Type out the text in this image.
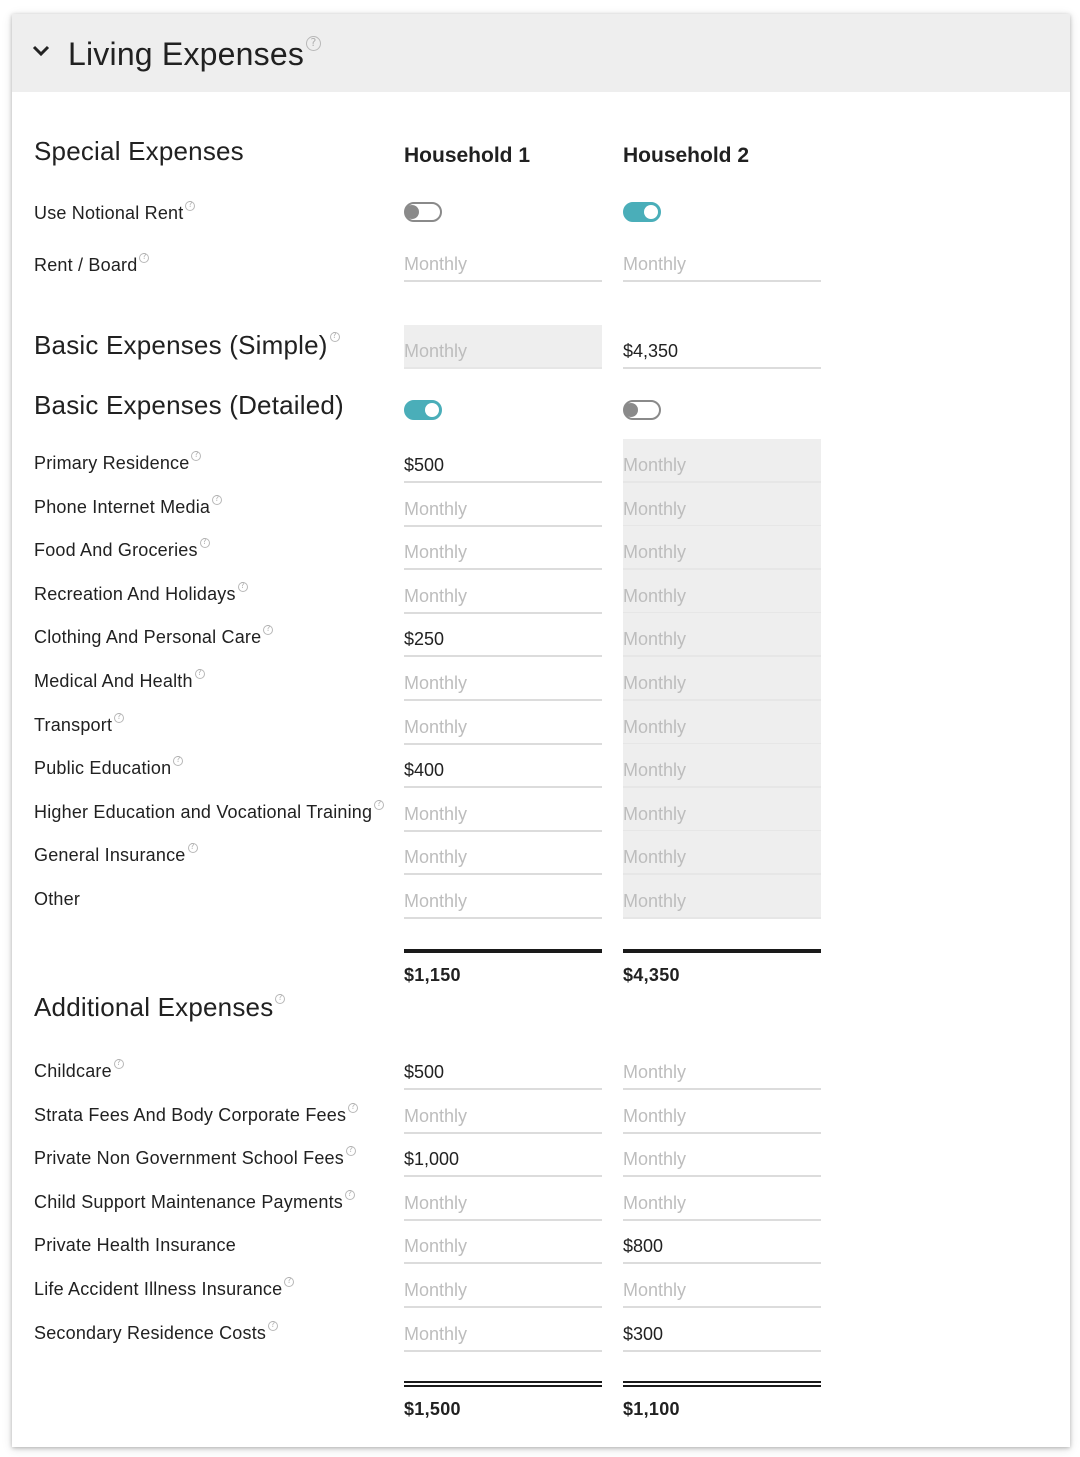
Living Expenses?
Special Expenses	Household 1	Household 2
Use Notional Rent?
Rent / Board ?	Monthly	Monthly
Basic Expenses (Simple)?	Monthly	$4,350
Basic Expenses (Detailed)
Primary Residence ?	$500	Monthly
Phone Internet Media ?	Monthly	Monthly
Food And Groceries ?	Monthly	Monthly
Recreation And Holidays ?	Monthly	Monthly
Clothing And Personal Care ?	$250	Monthly
Medical And Health ?	Monthly	Monthly
Transport ?	Monthly	Monthly
Public Education ?	$400	Monthly
Higher Education and Vocational Training ?	Monthly	Monthly
General Insurance ?	Monthly	Monthly
Other	Monthly	Monthly
$1,150	$4,350
Additional Expenses?
Childcare ?	$500	Monthly
Strata Fees And Body Corporate Fees ?	Monthly	Monthly
Private Non Government School Fees ?	$1,000	Monthly
Child Support Maintenance Payments ?	Monthly	Monthly
Private Health Insurance	Monthly	$800
Life Accident Illness Insurance ?	Monthly	Monthly
Secondary Residence Costs ?	Monthly	$300
$1,500	$1,100
